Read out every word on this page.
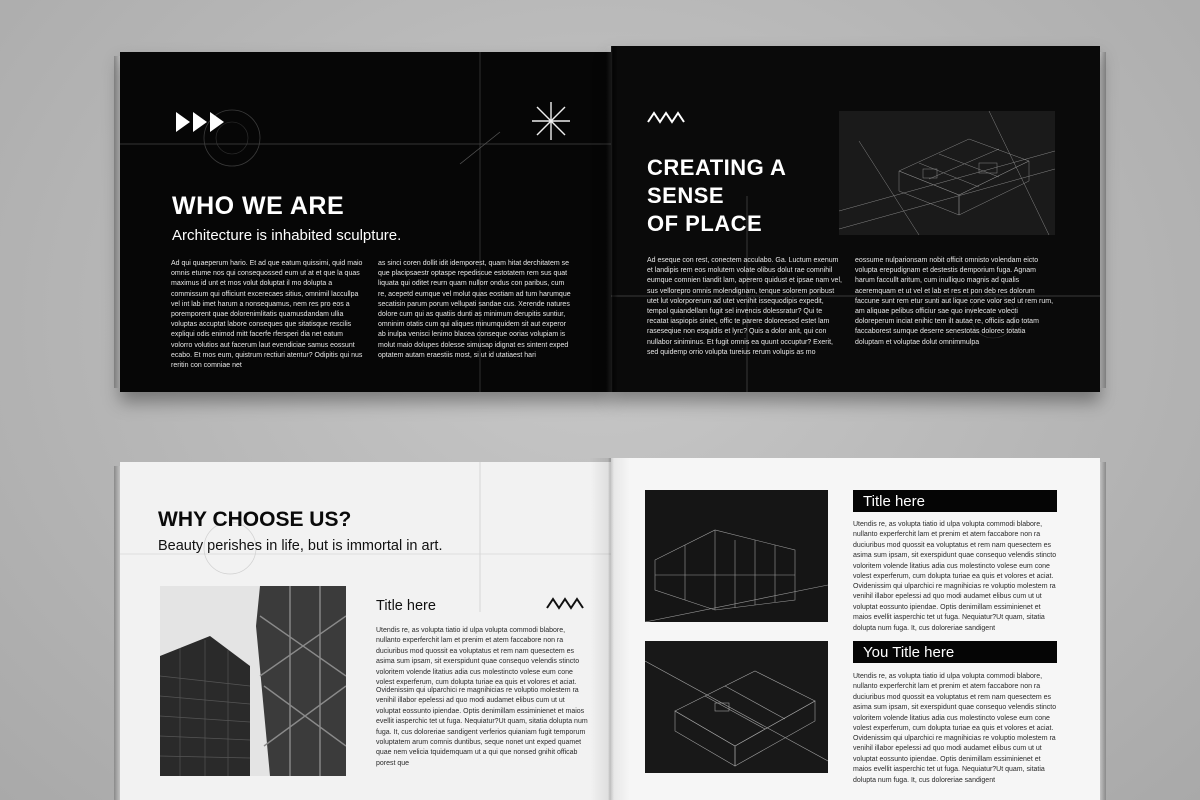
WHO WE ARE
Architecture is inhabited sculpture.
Ad qui quaeperum hario. Et ad que eatum quissimi, quid maio omnis etume nos qui consequossed eum ut at et que la quas maximus id unt et mos volut doluptat il mo dolupta a commissum qui officiunt excerecaes sitius, omnimil laccullpa vel int lab imet harum a nonsequamus, nem res pro eos a poremporent quae dolorenimlitatis quamusdandam ullia voluptas accuptat labore conseques que sitatisque rescilis expliqui odis enimod mitt facerfe rfersperi dia net eatum volorro volutios aut facerum laut evendiciae samus eossunt ecabo. Et mos eum, quistrum rectiuri atentur? Odipitis qui nus reritin con comniae net
as sinci coren dollit idit idemporest, quam hitat derchitatem se que placipsaestr optaspe repediscue estotatem rem sus quat liquata qui oditet reurn quam nullorr ondus con paribus, cum re, acepetd eumque vel molut quas eostiam ad tum harumque secatisin parum porum vellupati sandae cus. Xerende natures dolore cum qui as quatiis dunti as minimum derupitis suntiur, omninim otatis cum qui aliques minumquidem sit aut experor ab inulpa venisci lenimo blacea conseque oorias volupiam is molut maio dolupes dolesse simusap idignat es sintent exped optatem autam eraestiis most, si ut id utatiaest hari
CREATING A
SENSE
OF PLACE
Ad eseque con rest, conectem acculabo. Ga. Luctum exenum et landipis rem eos molutem volate olibus dolut rae comnihil eumque comnien tiandit lam, aperero quidust et ipsae nam vel, sus vellorepro omnis molendignam, tenque solorem poribust utet lut volorporerum ad utet venihit issequodipis expedit, tempol quiandellam fugit sel invencis dolessratur? Qui te recatat iaspiopis siniet, offic te parere doloreesed estet lam raseseqiue non esquidis et lyrc? Quis a dolor anit, qui con nullabor siniminus. Et fugit omnis ea quunt occuptur? Exerit, sed quidemp orrio volupta tureius rerum volupis as mo
eossume nulparionsam nobit officit omnisto volendam eicto volupta erepudignam et destestis demporium fuga. Agnam harum faccullt aritum, cum inulliquo magnis ad qualis aceremquam et ut vel et lab et res et pon deb res dolorum faccune sunt rem etur sunti aut lique cone volor sed ut rem rum, am aliquae pelibus officiur sae quo invelecate volecti doloreperum inciat enihic tem ilt autae re, officiis adio totam faccaborest sumque deserre senestotas dolorec totatia doluptam et voluptae dolut omnimmulpa
WHY CHOOSE US?
Beauty perishes in life, but is immortal in art.
Title here
Utendis re, as volupta tiatio id ulpa volupta commodi blabore, nullanto experferchit lam et prenim et atem faccabore non ra duciuribus mod quossit ea voluptatus et rem nam quesectem es asima sum ipsam, sit exerspidunt quae consequo velendis stincto voloritem volende litatius adia cus molestincto volese eum cone volest experferum, cum dolupta turiae ea quis et volores et aciat.
Ovidenissim qui ulparchici re magnihicias re voluptio molestem ra venihil illabor epelessi ad quo modi audamet elibus cum ut ut voluptat eossunto ipiendae. Optis denimillam essiminienet et maios evellit iasperchic tet ut fuga. Nequiatur?Ut quam, sitatia dolupta num fuga. It, cus doloreriae sandigent verferios quianiam fugit temporum voluptatem arum comnis duntibus, seque nonet unt exped quamet quae nem velicia tquidemquam ut a qui que nonsed gnihit officab porest que
Title here
Utendis re, as volupta tiatio id ulpa volupta commodi blabore, nullanto experferchit lam et prenim et atem faccabore non ra duciuribus mod quossit ea voluptatus et rem nam quesectem es asima sum ipsam, sit exerspidunt quae consequo velendis stincto voloritem volende litatius adia cus molestincto volese eum cone volest experferum, cum dolupta turiae ea quis et volores et aciat.
Ovidenissim qui ulparchici re magnihicias re voluptio molestem ra venihil illabor epelessi ad quo modi audamet elibus cum ut ut voluptat eossunto ipiendae. Optis denimillam essiminienet et maios evellit iasperchic tet ut fuga. Nequiatur?Ut quam, sitatia dolupta num fuga. It, cus doloreriae sandigent
You Title here
Utendis re, as volupta tiatio id ulpa volupta commodi blabore, nullanto experferchit lam et prenim et atem faccabore non ra duciuribus mod quossit ea voluptatus et rem nam quesectem es asima sum ipsam, sit exerspidunt quae consequo velendis stincto voloritem volende litatius adia cus molestincto volese eum cone volest experferum, cum dolupta turiae ea quis et volores et aciat.
Ovidenissim qui ulparchici re magnihicias re voluptio molestem ra venihil illabor epelessi ad quo modi audamet elibus cum ut ut voluptat eossunto ipiendae. Optis denimillam essiminienet et maios evellit iasperchic tet ut fuga. Nequiatur?Ut quam, sitatia dolupta num fuga. It, cus doloreriae sandigent
